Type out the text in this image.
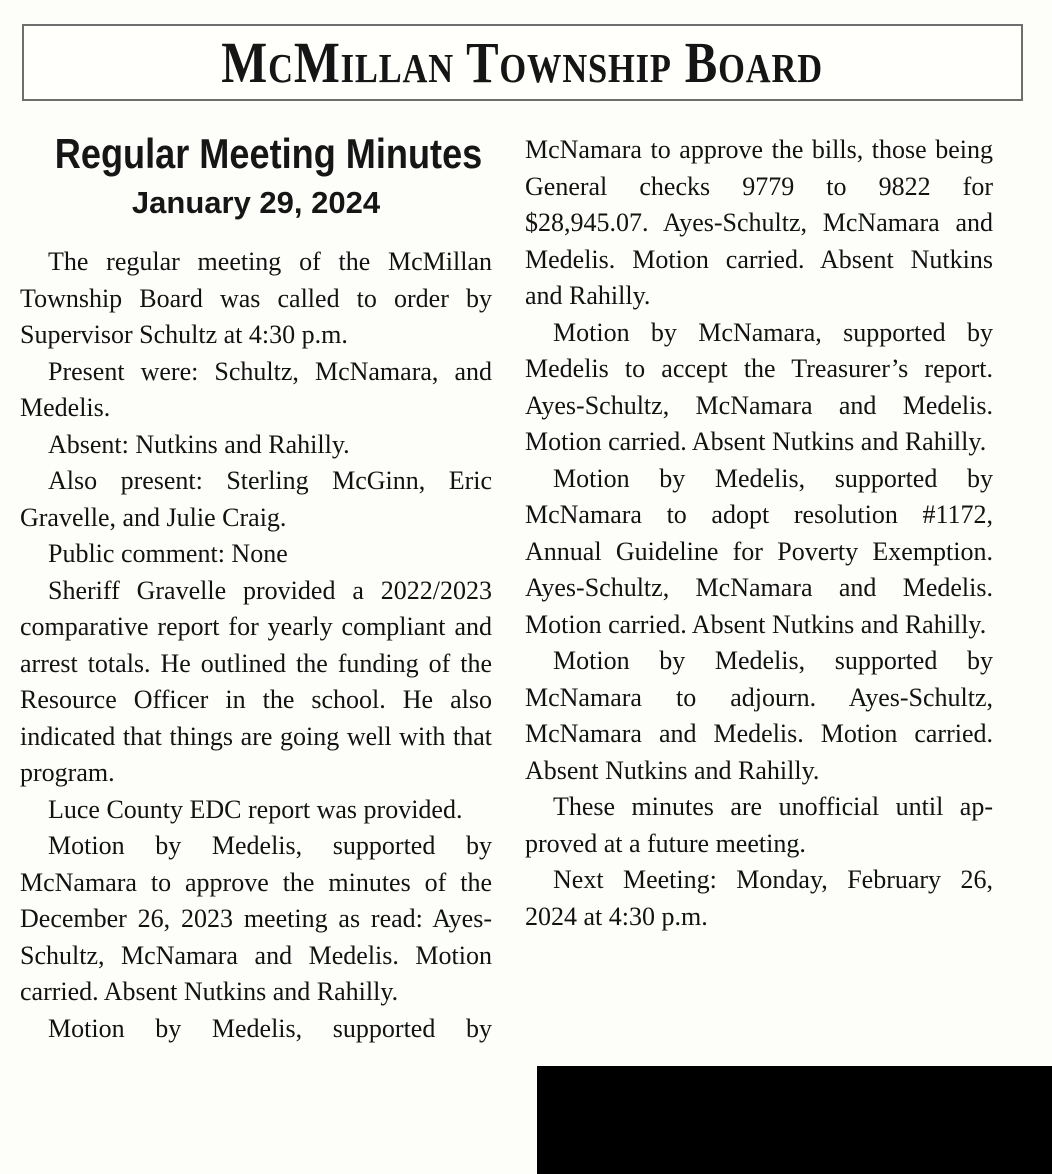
McMillan Township Board
Regular Meeting Minutes
January 29, 2024

The regular meeting of the McMillan Township Board was called to order by Supervisor Schultz at 4:30 p.m.

Present were: Schultz, McNamara, and Medelis.

Absent: Nutkins and Rahilly.

Also present: Sterling McGinn, Eric Gravelle, and Julie Craig.

Public comment: None

Sheriff Gravelle provided a 2022/2023 comparative report for yearly compliant and arrest totals. He outlined the funding of the Resource Officer in the school. He also indicated that things are going well with that program.

Luce County EDC report was provided.

Motion by Medelis, supported by McNamara to approve the minutes of the December 26, 2023 meeting as read: Ayes-Schultz, McNamara and Medelis. Motion carried. Absent Nutkins and Rahilly.

Motion by Medelis, supported by

McNamara to approve the bills, those being General checks 9779 to 9822 for $28,945.07. Ayes-Schultz, McNamara and Medelis. Motion carried. Absent Nutkins and Rahilly.

Motion by McNamara, supported by Medelis to accept the Treasurer’s report. Ayes-Schultz, McNamara and Medelis. Motion carried. Absent Nutkins and Rahilly.

Motion by Medelis, supported by McNamara to adopt resolution #1172, Annual Guideline for Poverty Exemption. Ayes-Schultz, McNamara and Medelis. Motion carried. Absent Nutkins and Rahilly.

Motion by Medelis, supported by McNamara to adjourn. Ayes-Schultz, McNamara and Medelis. Motion carried. Absent Nutkins and Rahilly.

These minutes are unofficial until approved at a future meeting.

Next Meeting: Monday, February 26, 2024 at 4:30 p.m.
